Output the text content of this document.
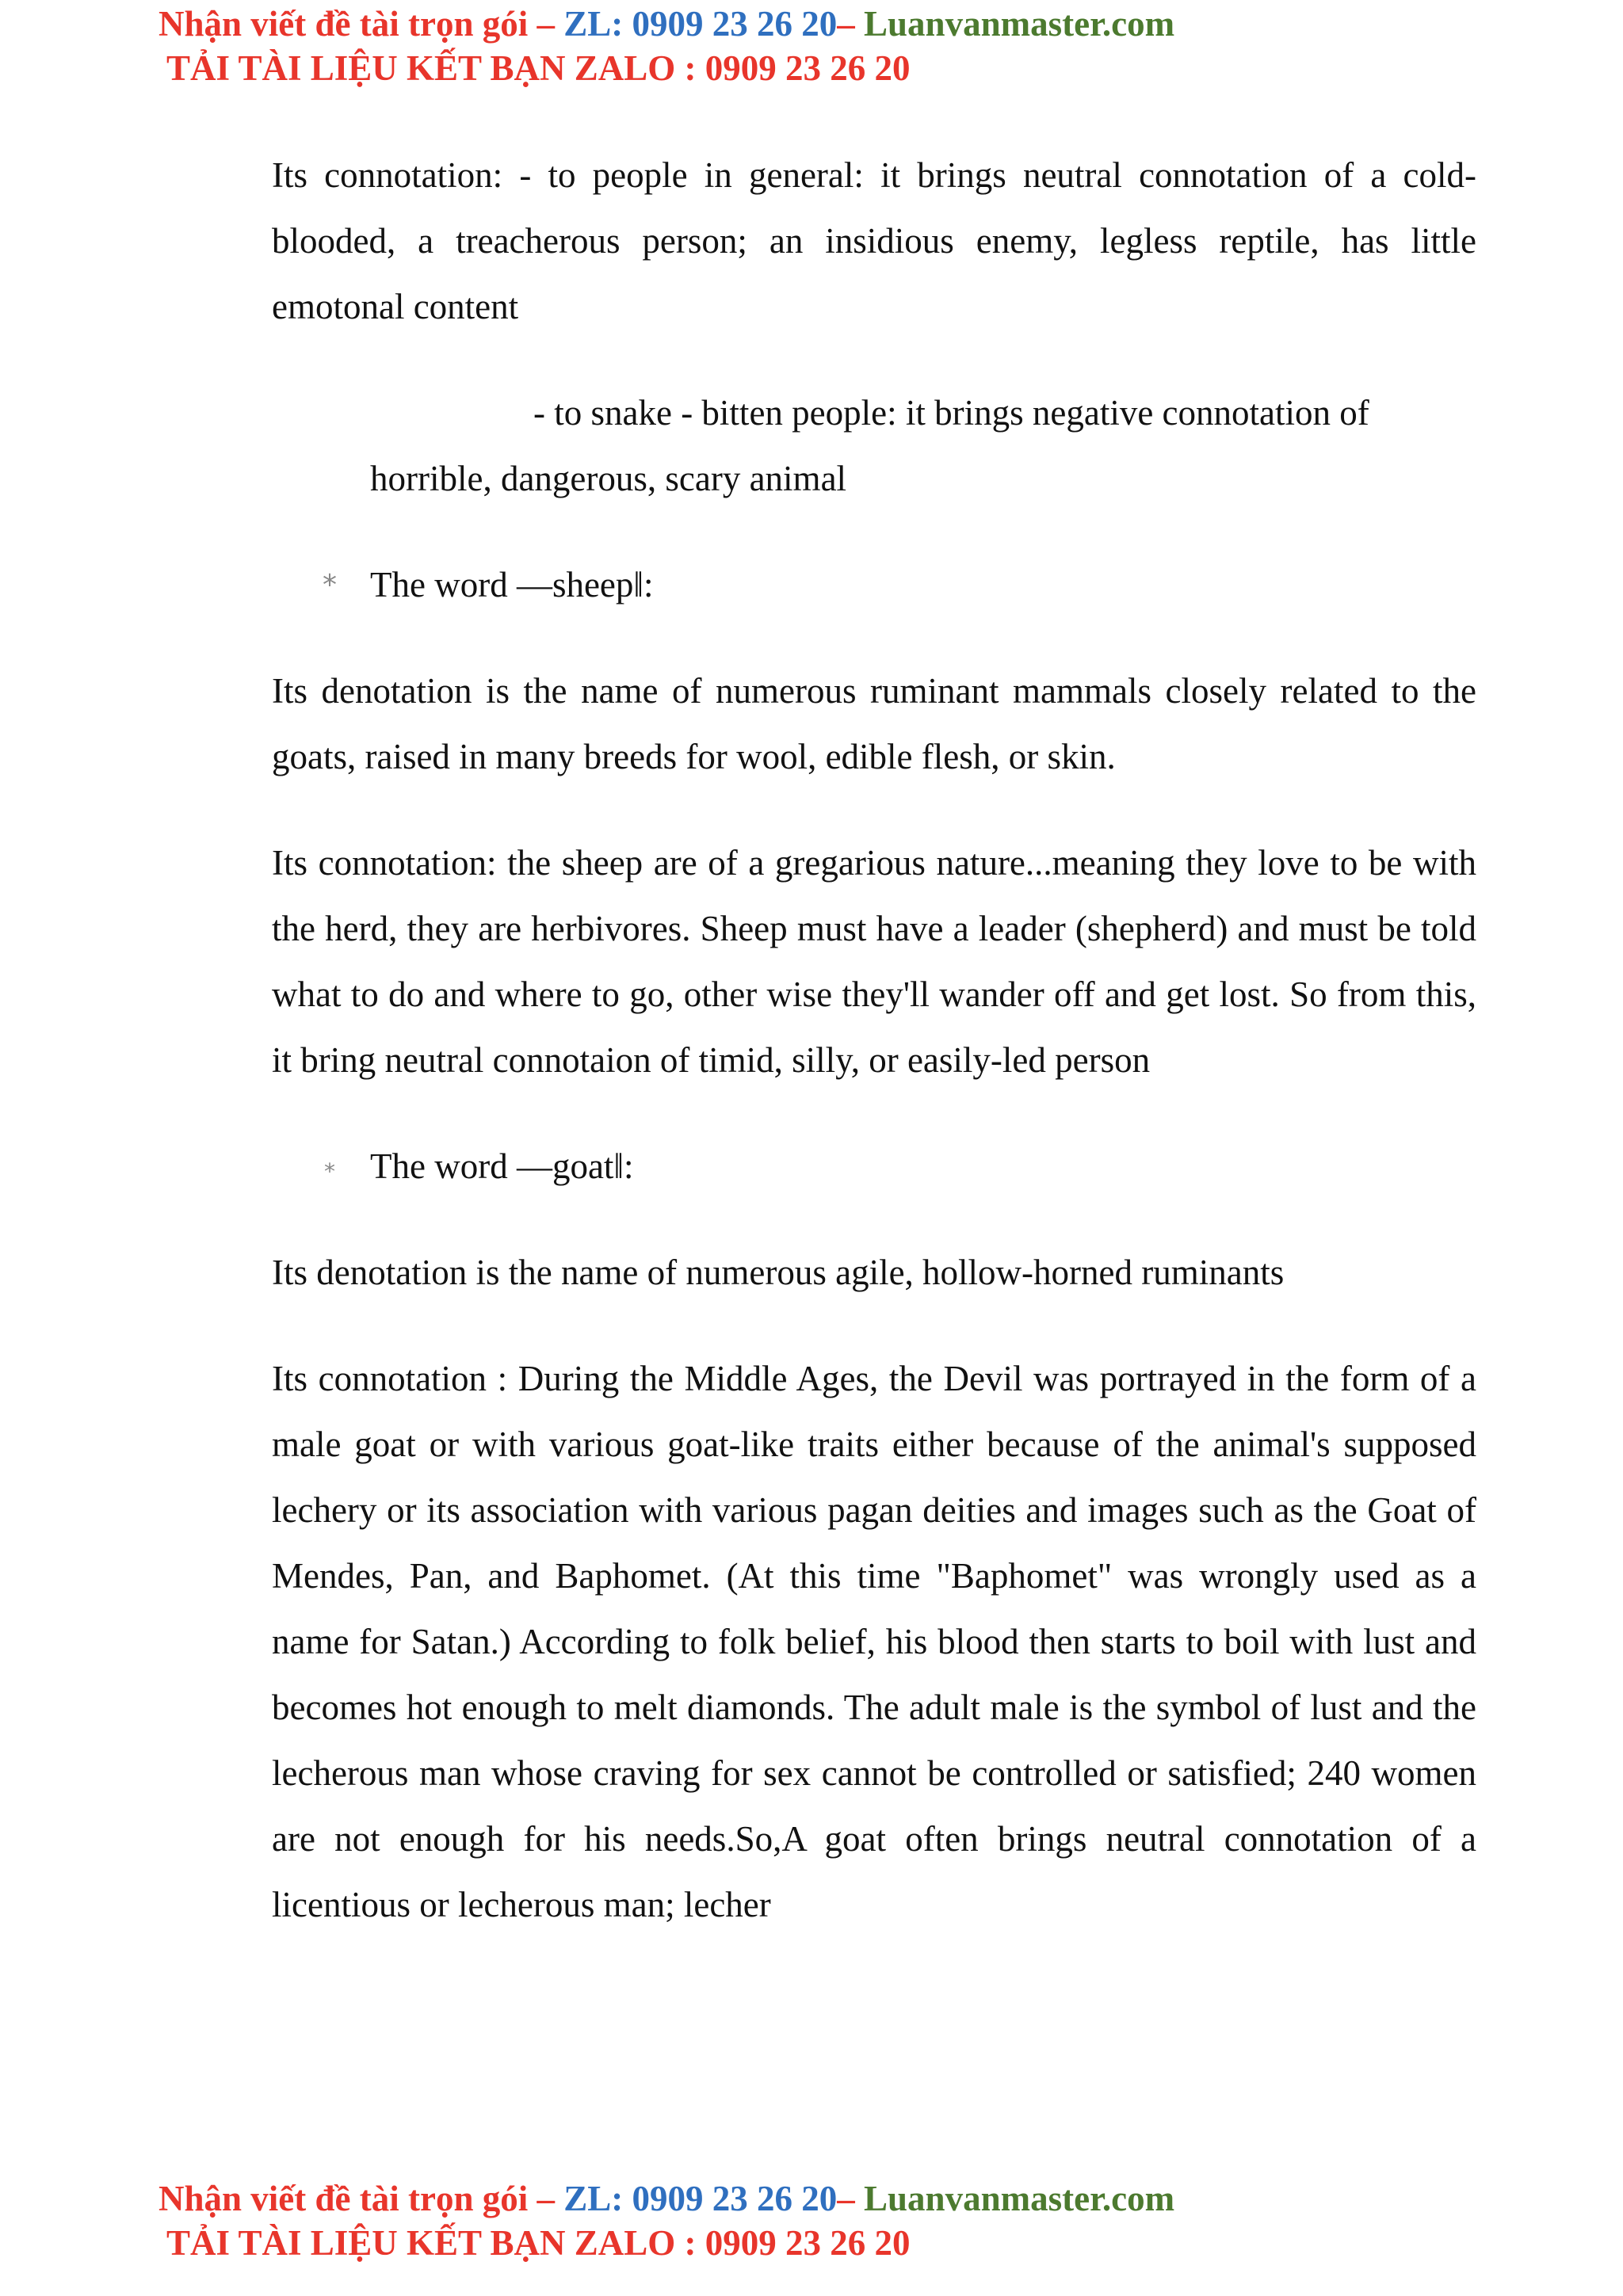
Nhận viết đề tài trọn gói – ZL: 0909 23 26 20– Luanvanmaster.com
TẢI TÀI LIỆU KẾT BẠN ZALO : 0909 23 26 20

Its connotation: - to people in general: it brings neutral connotation of a cold-blooded, a treacherous person; an insidious enemy, legless reptile, has little emotonal content

- to snake - bitten people: it brings negative connotation of
horrible, dangerous, scary animal
* The word ―sheep‖:

Its denotation is the name of numerous ruminant mammals closely related to the goats, raised in many breeds for wool, edible flesh, or skin.

Its connotation: the sheep are of a gregarious nature...meaning they love to be with the herd, they are herbivores. Sheep must have a leader (shepherd) and must be told what to do and where to go, other wise they'll wander off and get lost. So from this, it bring neutral connotaion of timid, silly, or easily-led person

* The word ―goat‖:

Its denotation is the name of numerous agile, hollow-horned ruminants

Its connotation : During the Middle Ages, the Devil was portrayed in the form of a male goat or with various goat-like traits either because of the animal's supposed lechery or its association with various pagan deities and images such as the Goat of Mendes, Pan, and Baphomet. (At this time "Baphomet" was wrongly used as a name for Satan.) According to folk belief, his blood then starts to boil with lust and becomes hot enough to melt diamonds. The adult male is the symbol of lust and the lecherous man whose craving for sex cannot be controlled or satisfied; 240 women are not enough for his needs.So,A goat often brings neutral connotation of a licentious or lecherous man; lecher

Nhận viết đề tài trọn gói – ZL: 0909 23 26 20– Luanvanmaster.com
TẢI TÀI LIỆU KẾT BẠN ZALO : 0909 23 26 20
